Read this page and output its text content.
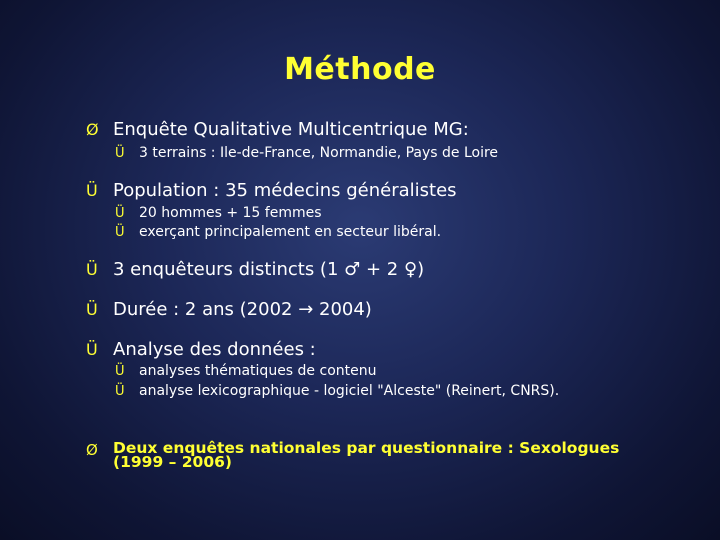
Méthode
Ø Enquête Qualitative Multicentrique MG:
Ü	3 terrains : Ile-de-France, Normandie, Pays de Loire
Ü Population : 35 médecins généralistes
Ü	20 hommes + 15 femmes
Ü	exerçant principalement en secteur libéral.
Ü 3 enquêteurs distincts (1 ♂ + 2 ♀)
Ü Durée : 2 ans (2002 → 2004)
Ü Analyse des données :
Ü	analyses thématiques de contenu
Ü	analyse lexicographique - logiciel "Alceste" (Reinert, CNRS).
Ø Deux enquêtes nationales par questionnaire : Sexologues
(1999 – 2006)
